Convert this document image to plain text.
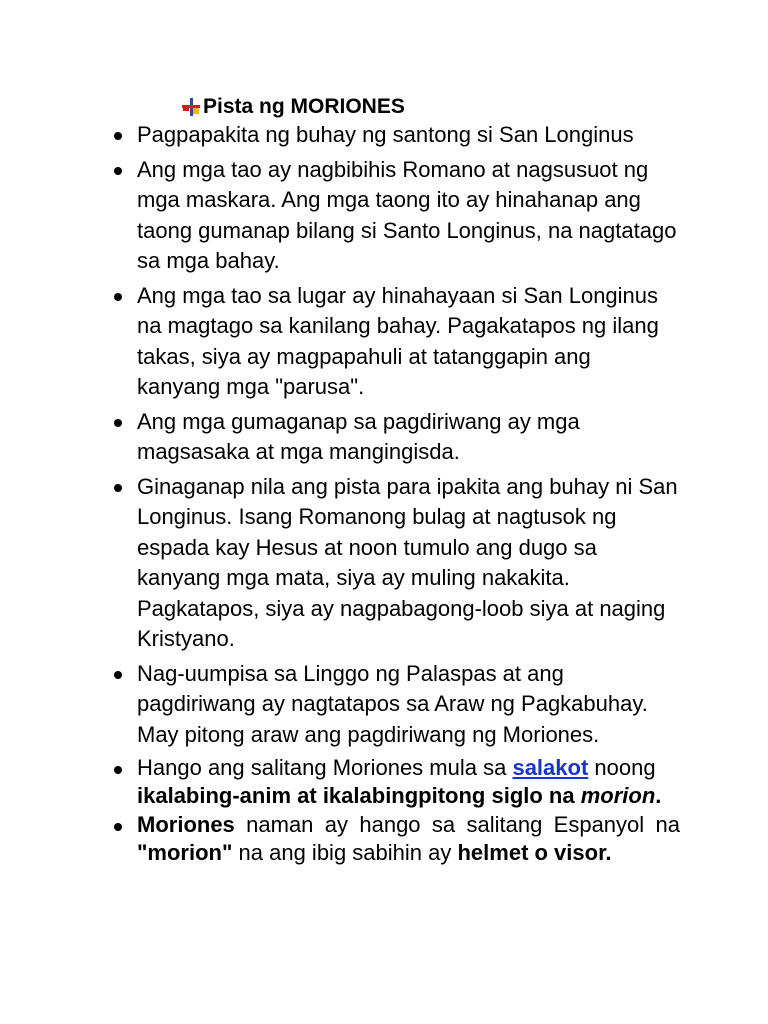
Pista ng MORIONES
Pagpapakita ng buhay ng santong si San Longinus
Ang mga tao ay nagbibihis Romano at nagsusuot ng mga maskara. Ang mga taong ito ay hinahanap ang taong gumanap bilang si Santo Longinus, na nagtatago sa mga bahay.
Ang mga tao sa lugar ay hinahayaan si San Longinus na magtago sa kanilang bahay. Pagakatapos ng ilang takas, siya ay magpapahuli at tatanggapin ang kanyang mga "parusa".
Ang mga gumaganap sa pagdiriwang ay mga magsasaka at mga mangingisda.
Ginaganap nila ang pista para ipakita ang buhay ni San Longinus. Isang Romanong bulag at nagtusok ng espada kay Hesus at noon tumulo ang dugo sa kanyang mga mata, siya ay muling nakakita. Pagkatapos, siya ay nagpabagong-loob siya at naging Kristyano.
Nag-uumpisa sa Linggo ng Palaspas at ang pagdiriwang ay nagtatapos sa Araw ng Pagkabuhay. May pitong araw ang pagdiriwang ng Moriones.
Hango ang salitang Moriones mula sa salakot noong ikalabing-anim at ikalabingpitong siglo na morion.
Moriones naman ay hango sa salitang Espanyol na "morion" na ang ibig sabihin ay helmet o visor.
